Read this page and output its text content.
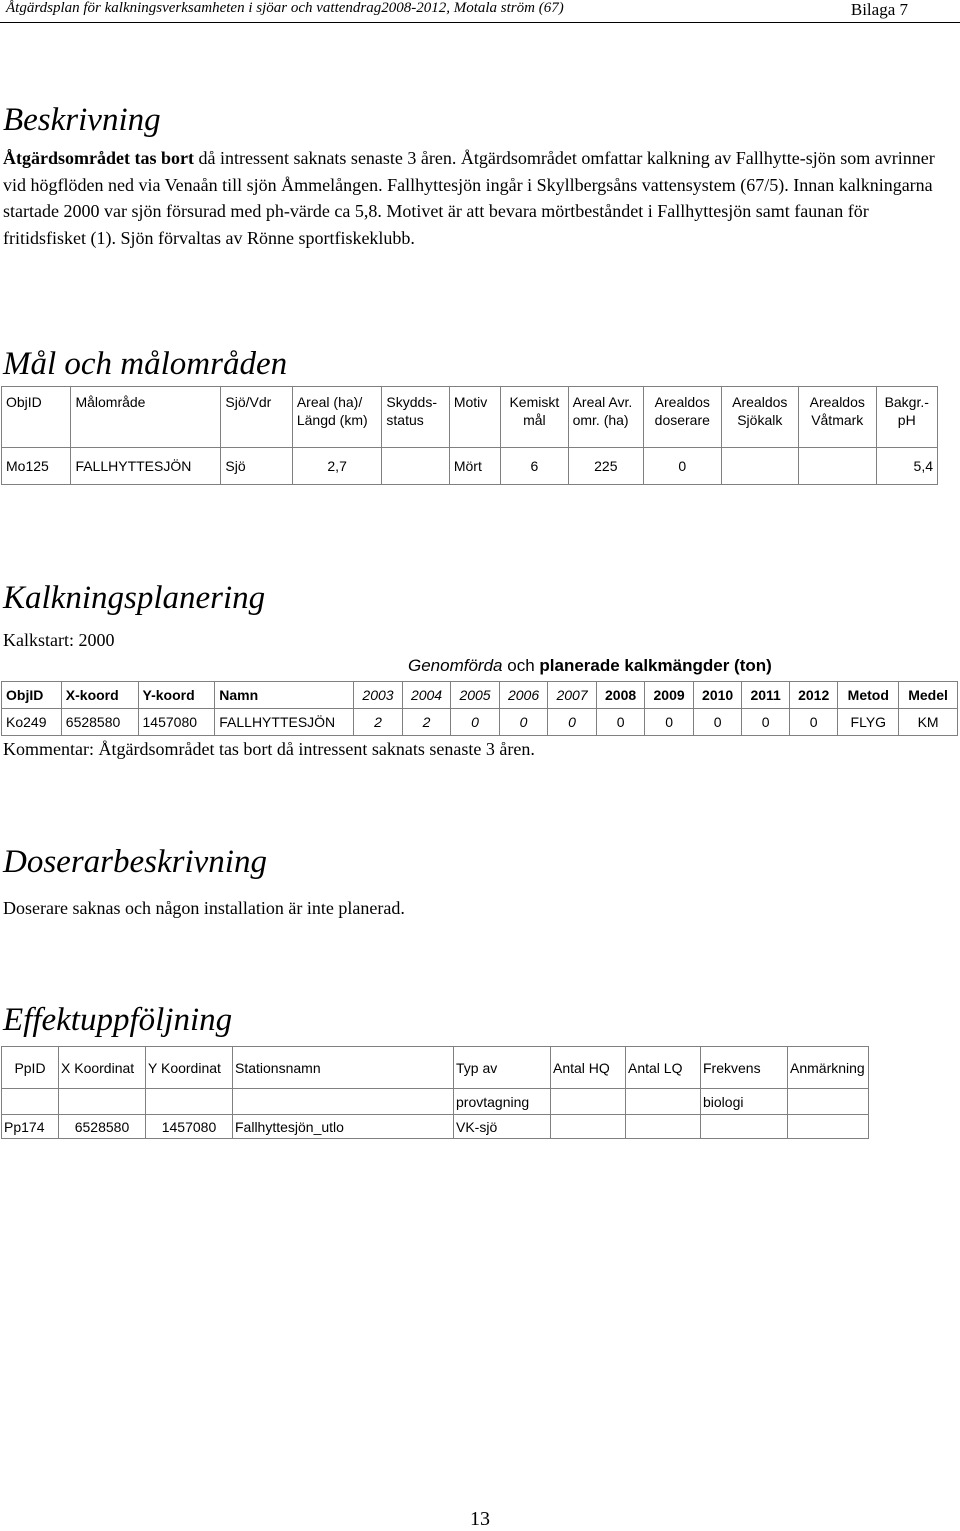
Åtgärdsplan för kalkningsverksamheten i sjöar och vattendrag2008-2012, Motala ström (67)	Bilaga 7
Beskrivning
Åtgärdsområdet tas bort då intressent saknats senaste 3 åren. Åtgärdsområdet omfattar kalkning av Fallhytte-sjön som avrinner vid högflöden ned via Venaån till sjön Åmmelången. Fallhyttesjön ingår i Skyllbergsåns vattensystem (67/5). Innan kalkningarna startade 2000 var sjön försurad med ph-värde ca 5,8. Motivet är att bevara mörtbeståndet i Fallhyttesjön samt faunan för fritidsfisket (1). Sjön förvaltas av Rönne sportfiskeklubb.
Mål och målområden
ObjID	Målområde	Sjö/Vdr	Areal (ha)/ Längd (km)	Skydds-status	Motiv	Kemiskt mål	Areal Avr. omr. (ha)	Arealdos doserare	Arealdos Sjökalk	Arealdos Våtmark	Bakgr.-pH
Mo125	FALLHYTTESJÖN	Sjö	2,7		Mört	6	225	0			5,4
Kalkningsplanering
Kalkstart: 2000
Genomförda och planerade kalkmängder (ton)
ObjID	X-koord	Y-koord	Namn	2003	2004	2005	2006	2007	2008	2009	2010	2011	2012	Metod	Medel
Ko249	6528580	1457080	FALLHYTTESJÖN	2	2	0	0	0	0	0	0	0	0	FLYG	KM
Kommentar: Åtgärdsområdet tas bort då intressent saknats senaste 3 åren.
Doserarbeskrivning
Doserare saknas och någon installation är inte planerad.
Effektuppföljning
PpID	X Koordinat	Y Koordinat	Stationsnamn	Typ av	Antal HQ	Antal LQ	Frekvens	Anmärkning
				provtagning			biologi	
Pp174	6528580	1457080	Fallhyttesjön_utlo	VK-sjö				
13
